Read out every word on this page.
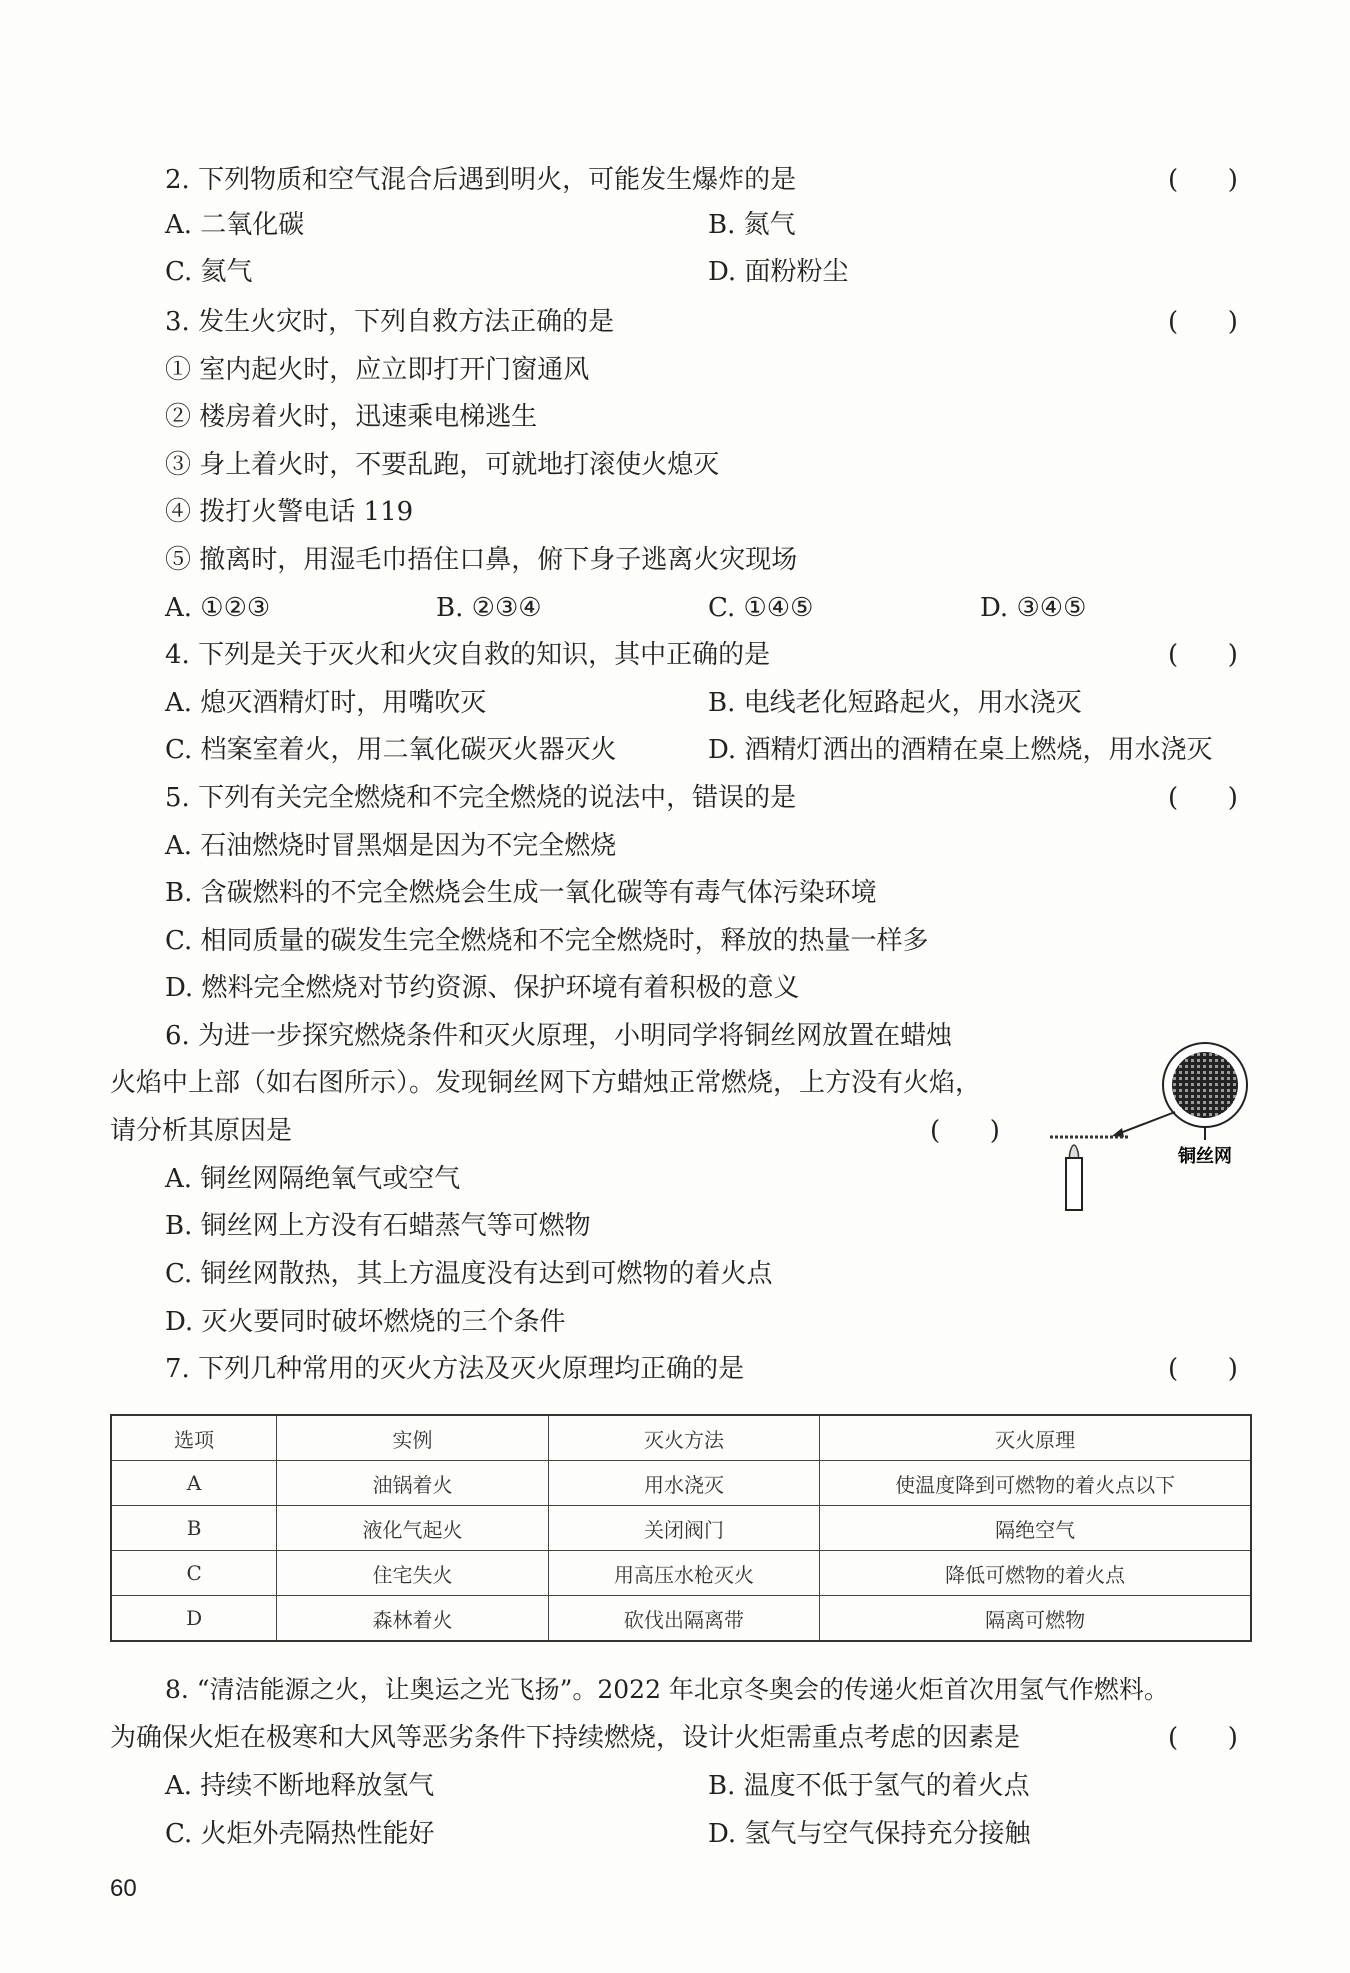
2. 下列物质和空气混合后遇到明火，可能发生爆炸的是	(      )
A. 二氧化碳	B. 氮气
C. 氦气	D. 面粉粉尘
3. 发生火灾时，下列自救方法正确的是	(      )
① 室内起火时，应立即打开门窗通风
② 楼房着火时，迅速乘电梯逃生
③ 身上着火时，不要乱跑，可就地打滚使火熄灭
④ 拨打火警电话 119
⑤ 撤离时，用湿毛巾捂住口鼻，俯下身子逃离火灾现场
A. ①②③	B. ②③④	C. ①④⑤	D. ③④⑤
4. 下列是关于灭火和火灾自救的知识，其中正确的是	(      )
A. 熄灭酒精灯时，用嘴吹灭	B. 电线老化短路起火，用水浇灭
C. 档案室着火，用二氧化碳灭火器灭火	D. 酒精灯洒出的酒精在桌上燃烧，用水浇灭
5. 下列有关完全燃烧和不完全燃烧的说法中，错误的是	(      )
A. 石油燃烧时冒黑烟是因为不完全燃烧
B. 含碳燃料的不完全燃烧会生成一氧化碳等有毒气体污染环境
C. 相同质量的碳发生完全燃烧和不完全燃烧时，释放的热量一样多
D. 燃料完全燃烧对节约资源、保护环境有着积极的意义
6. 为进一步探究燃烧条件和灭火原理，小明同学将铜丝网放置在蜡烛
火焰中上部（如右图所示）。发现铜丝网下方蜡烛正常燃烧，上方没有火焰，
请分析其原因是	(      )
A. 铜丝网隔绝氧气或空气
B. 铜丝网上方没有石蜡蒸气等可燃物
C. 铜丝网散热，其上方温度没有达到可燃物的着火点
D. 灭火要同时破坏燃烧的三个条件
铜丝网
7. 下列几种常用的灭火方法及灭火原理均正确的是	(      )
选项	实例	灭火方法	灭火原理
A	油锅着火	用水浇灭	使温度降到可燃物的着火点以下
B	液化气起火	关闭阀门	隔绝空气
C	住宅失火	用高压水枪灭火	降低可燃物的着火点
D	森林着火	砍伐出隔离带	隔离可燃物
8. “清洁能源之火，让奥运之光飞扬”。2022 年北京冬奥会的传递火炬首次用氢气作燃料。
为确保火炬在极寒和大风等恶劣条件下持续燃烧，设计火炬需重点考虑的因素是	(      )
A. 持续不断地释放氢气	B. 温度不低于氢气的着火点
C. 火炬外壳隔热性能好	D. 氢气与空气保持充分接触
60
